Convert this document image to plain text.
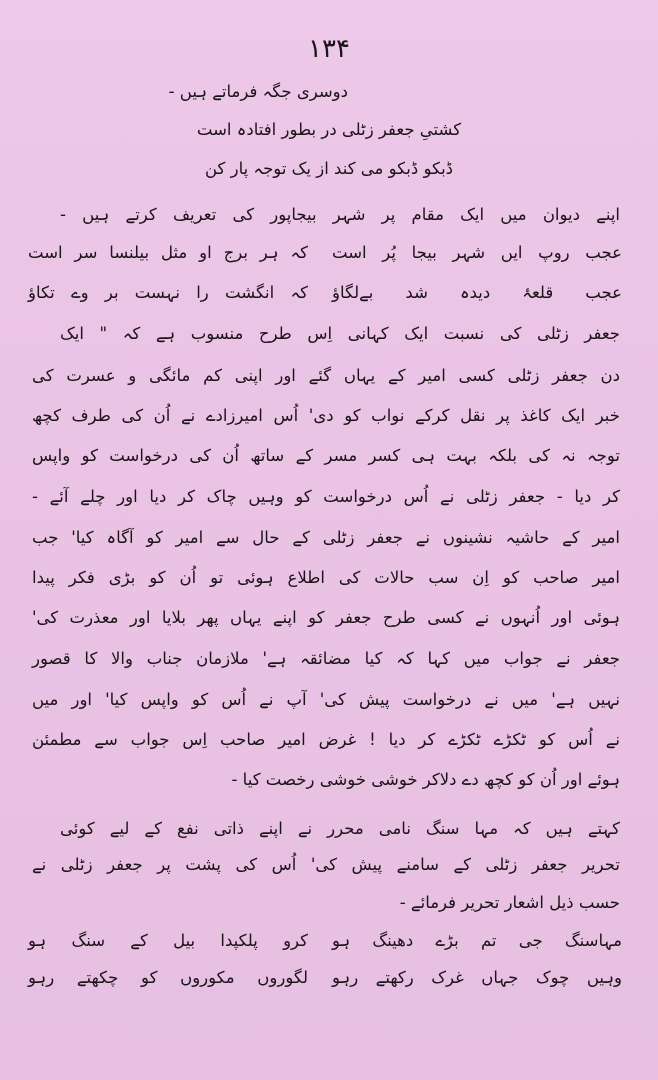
۱۳۴
دوسری جگہ فرماتے ہیں -
کشتیِ جعفر زٹلی در بطور افتادہ است
ڈبکو ڈبکو می کند از یک توجہ پار کن
اپنے دیوان میں ایک مقام پر شہر بیجاپور کی تعریف کرتے ہیں -
عجب روپ ایں شہر بیجا پُر است
کہ ہر برج او مثل بیلنسا سر است
عجب قلعۂ دیدہ شد بےلگاؤ
کہ انگشت را نہست بر وے تکاؤ
جعفر زٹلی کی نسبت ایک کہانی اِس طرح منسوب ہے کہ " ایک
دن جعفر زٹلی کسی امیر کے یہاں گئے اور اپنی کم مائگی و عسرت کی
خبر ایک کاغذ پر نقل کرکے نواب کو دی' اُس امیرزادے نے اُن کی طرف کچھ
توجہ نہ کی بلکہ بہت ہی کسر مسر کے ساتھ اُن کی درخواست کو واپس
کر دیا - جعفر زٹلی نے اُس درخواست کو وہیں چاک کر دیا اور چلے آئے -
امیر کے حاشیہ نشینوں نے جعفر زٹلی کے حال سے امیر کو آگاہ کیا' جب
امیر صاحب کو اِن سب حالات کی اطلاع ہوئی تو اُن کو بڑی فکر پیدا
ہوئی اور اُنہوں نے کسی طرح جعفر کو اپنے یہاں پھر بلایا اور معذرت کی'
جعفر نے جواب میں کہا کہ کیا مضائقہ ہے' ملازمان جناب والا کا قصور
نہیں ہے' میں نے درخواست پیش کی' آپ نے اُس کو واپس کیا' اور میں
نے اُس کو ٹکڑے ٹکڑے کر دیا ! غرض امیر صاحب اِس جواب سے مطمئن
ہوئے اور اُن کو کچھ دے دلاکر خوشی خوشی رخصت کیا -
کہتے ہیں کہ مہا سنگ نامی محرر نے اپنے ذاتی نفع کے لیے کوئی
تحریر جعفر زٹلی کے سامنے پیش کی' اُس کی پشت پر جعفر زٹلی نے
حسب ذیل اشعار تحریر فرمائے -
مہاسنگ جی تم بڑے دھینگ ہو
کرو پلکپدا بیل کے سنگ ہو
وہیں چوک جہاں غرک رکھتے رہو
لگوروں مکوروں کو چکھتے رہو
